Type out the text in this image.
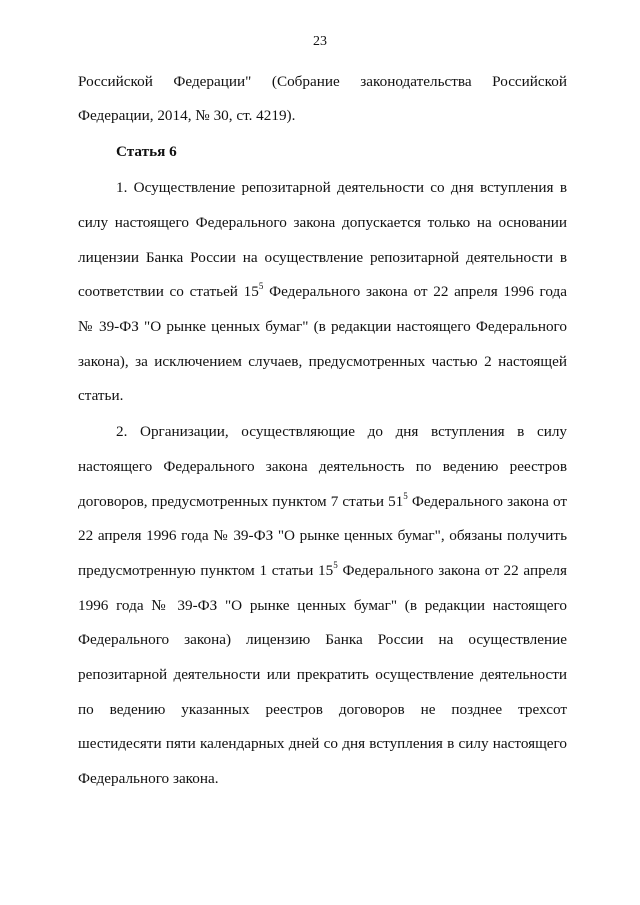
23
Российской Федерации" (Собрание законодательства Российской
Федерации, 2014, № 30, ст. 4219).
Статья 6
1. Осуществление репозитарной деятельности со дня вступления в
силу настоящего Федерального закона допускается только на основании
лицензии Банка России на осуществление репозитарной деятельности в
соответствии со статьей $15^5$ Федерального закона от 22 апреля 1996 года
№ 39-ФЗ "О рынке ценных бумаг" (в редакции настоящего Федерального
закона), за исключением случаев, предусмотренных частью 2 настоящей
статьи.
2. Организации, осуществляющие до дня вступления в силу
настоящего Федерального закона деятельность по ведению реестров
договоров, предусмотренных пунктом 7 статьи $51^5$ Федерального закона от
22 апреля 1996 года № 39-ФЗ "О рынке ценных бумаг", обязаны получить
предусмотренную пунктом 1 статьи $15^5$ Федерального закона от 22 апреля
1996 года № 39-ФЗ "О рынке ценных бумаг" (в редакции настоящего
Федерального закона) лицензию Банка России на осуществление
репозитарной деятельности или прекратить осуществление деятельности
по ведению указанных реестров договоров не позднее трехсот
шестидесяти пяти календарных дней со дня вступления в силу настоящего
Федерального закона.
